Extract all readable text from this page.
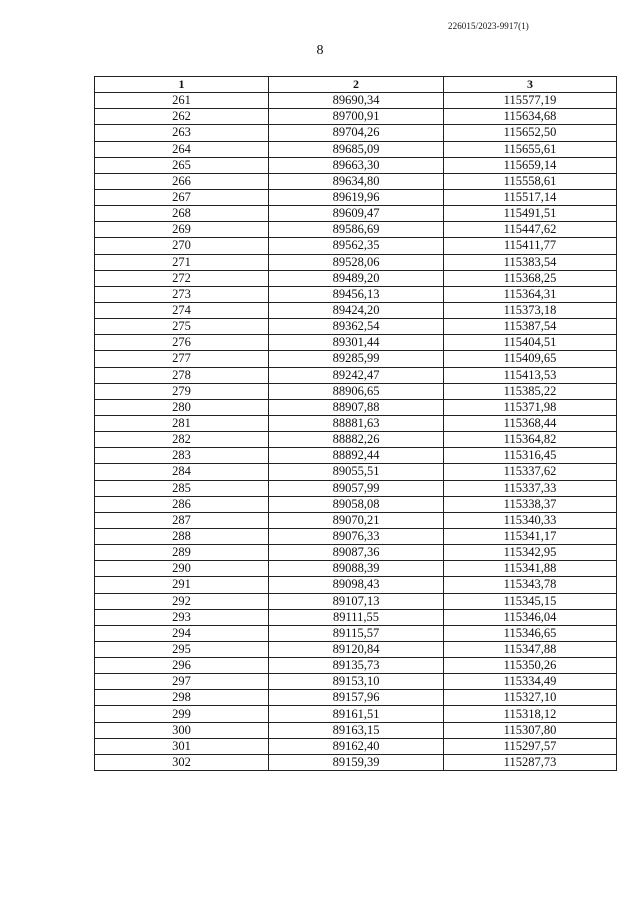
226015/2023-9917(1)
8
1	2	3
261	89690,34	115577,19
262	89700,91	115634,68
263	89704,26	115652,50
264	89685,09	115655,61
265	89663,30	115659,14
266	89634,80	115558,61
267	89619,96	115517,14
268	89609,47	115491,51
269	89586,69	115447,62
270	89562,35	115411,77
271	89528,06	115383,54
272	89489,20	115368,25
273	89456,13	115364,31
274	89424,20	115373,18
275	89362,54	115387,54
276	89301,44	115404,51
277	89285,99	115409,65
278	89242,47	115413,53
279	88906,65	115385,22
280	88907,88	115371,98
281	88881,63	115368,44
282	88882,26	115364,82
283	88892,44	115316,45
284	89055,51	115337,62
285	89057,99	115337,33
286	89058,08	115338,37
287	89070,21	115340,33
288	89076,33	115341,17
289	89087,36	115342,95
290	89088,39	115341,88
291	89098,43	115343,78
292	89107,13	115345,15
293	89111,55	115346,04
294	89115,57	115346,65
295	89120,84	115347,88
296	89135,73	115350,26
297	89153,10	115334,49
298	89157,96	115327,10
299	89161,51	115318,12
300	89163,15	115307,80
301	89162,40	115297,57
302	89159,39	115287,73
